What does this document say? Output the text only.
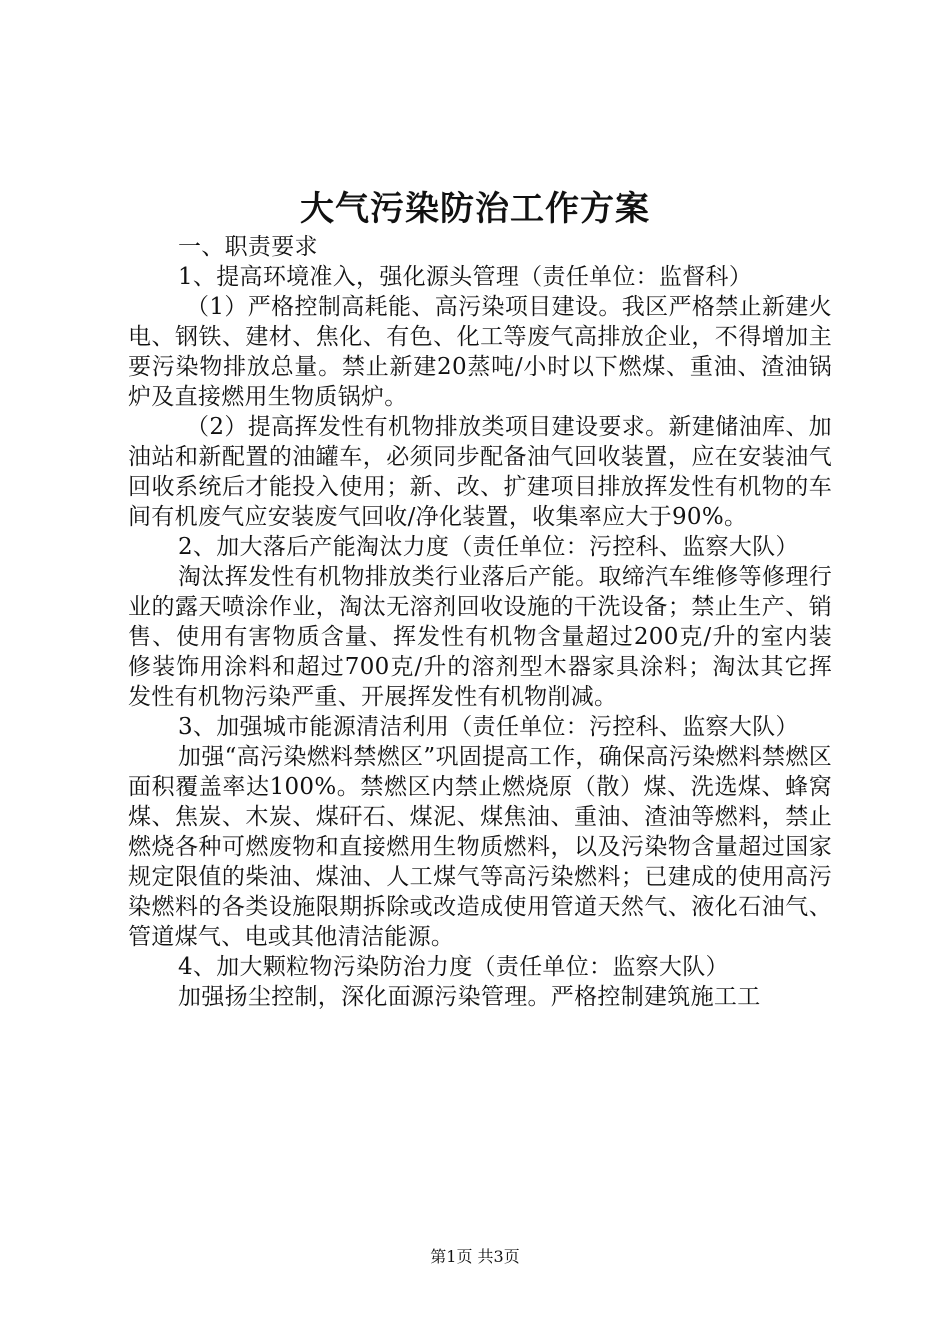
大气污染防治工作方案

一、职责要求

1、提高环境准入，强化源头管理（责任单位：监督科）

（1）严格控制高耗能、高污染项目建设。我区严格禁止新建火电、钢铁、建材、焦化、有色、化工等废气高排放企业，不得增加主要污染物排放总量。禁止新建20蒸吨/小时以下燃煤、重油、渣油锅炉及直接燃用生物质锅炉。

（2）提高挥发性有机物排放类项目建设要求。新建储油库、加油站和新配置的油罐车，必须同步配备油气回收装置，应在安装油气回收系统后才能投入使用；新、改、扩建项目排放挥发性有机物的车间有机废气应安装废气回收/净化装置，收集率应大于90%。

2、加大落后产能淘汰力度（责任单位：污控科、监察大队）

淘汰挥发性有机物排放类行业落后产能。取缔汽车维修等修理行业的露天喷涂作业，淘汰无溶剂回收设施的干洗设备；禁止生产、销售、使用有害物质含量、挥发性有机物含量超过200克/升的室内装修装饰用涂料和超过700克/升的溶剂型木器家具涂料；淘汰其它挥发性有机物污染严重、开展挥发性有机物削减。

3、加强城市能源清洁利用（责任单位：污控科、监察大队）

加强“高污染燃料禁燃区”巩固提高工作，确保高污染燃料禁燃区面积覆盖率达100%。禁燃区内禁止燃烧原（散）煤、洗选煤、蜂窝煤、焦炭、木炭、煤矸石、煤泥、煤焦油、重油、渣油等燃料，禁止燃烧各种可燃废物和直接燃用生物质燃料，以及污染物含量超过国家规定限值的柴油、煤油、人工煤气等高污染燃料；已建成的使用高污染燃料的各类设施限期拆除或改造成使用管道天然气、液化石油气、管道煤气、电或其他清洁能源。

4、加大颗粒物污染防治力度（责任单位：监察大队）

加强扬尘控制，深化面源污染管理。严格控制建筑施工工

第1页 共3页
